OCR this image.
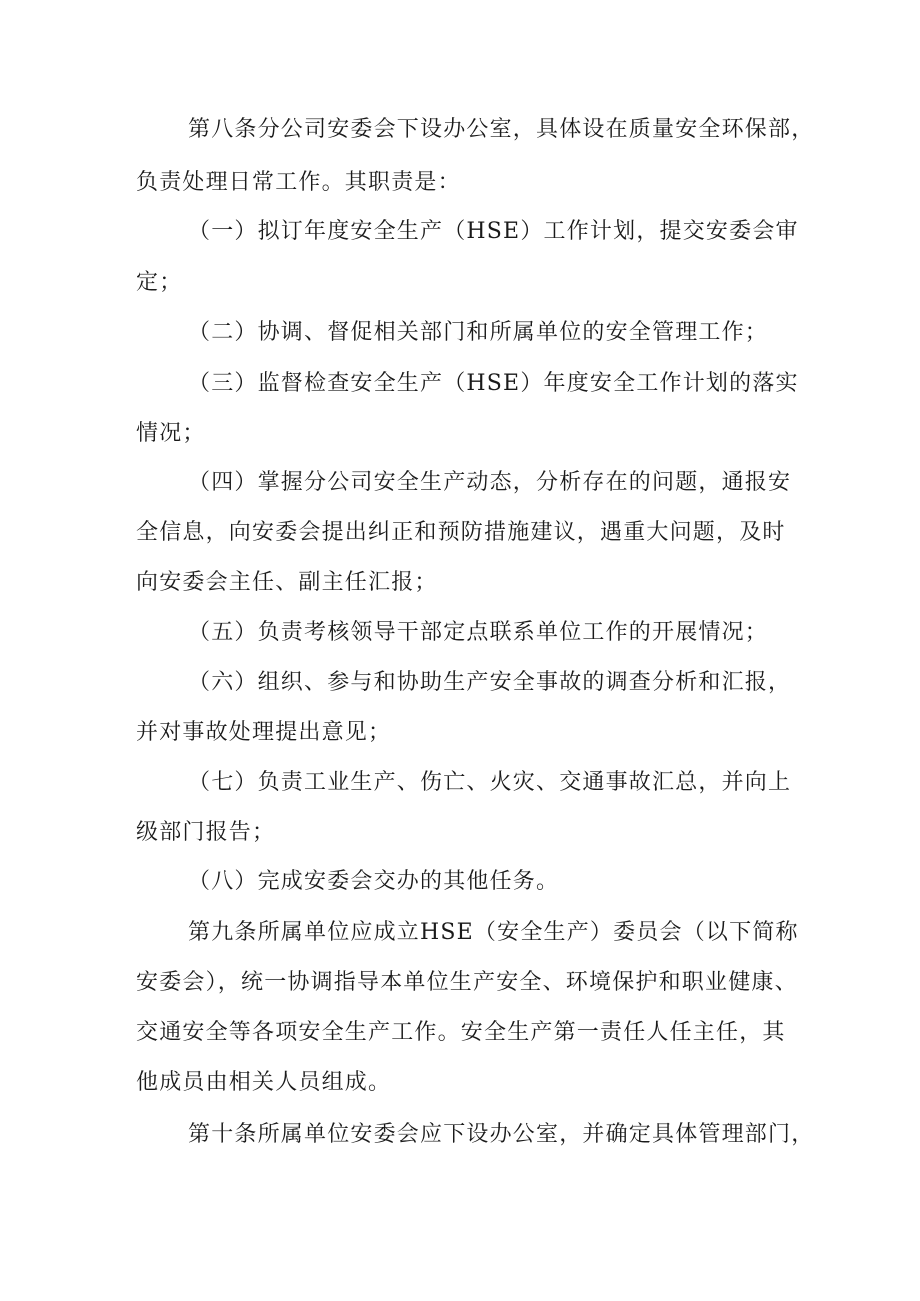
第八条分公司安委会下设办公室，具体设在质量安全环保部，
负责处理日常工作。其职责是：
（一）拟订年度安全生产（HSE）工作计划，提交安委会审
定；
（二）协调、督促相关部门和所属单位的安全管理工作；
（三）监督检查安全生产（HSE）年度安全工作计划的落实
情况；
（四）掌握分公司安全生产动态，分析存在的问题，通报安
全信息，向安委会提出纠正和预防措施建议，遇重大问题，及时
向安委会主任、副主任汇报；
（五）负责考核领导干部定点联系单位工作的开展情况；
（六）组织、参与和协助生产安全事故的调查分析和汇报，
并对事故处理提出意见；
（七）负责工业生产、伤亡、火灾、交通事故汇总，并向上
级部门报告；
（八）完成安委会交办的其他任务。
第九条所属单位应成立HSE（安全生产）委员会（以下简称
安委会），统一协调指导本单位生产安全、环境保护和职业健康、
交通安全等各项安全生产工作。安全生产第一责任人任主任，其
他成员由相关人员组成。
第十条所属单位安委会应下设办公室，并确定具体管理部门，
